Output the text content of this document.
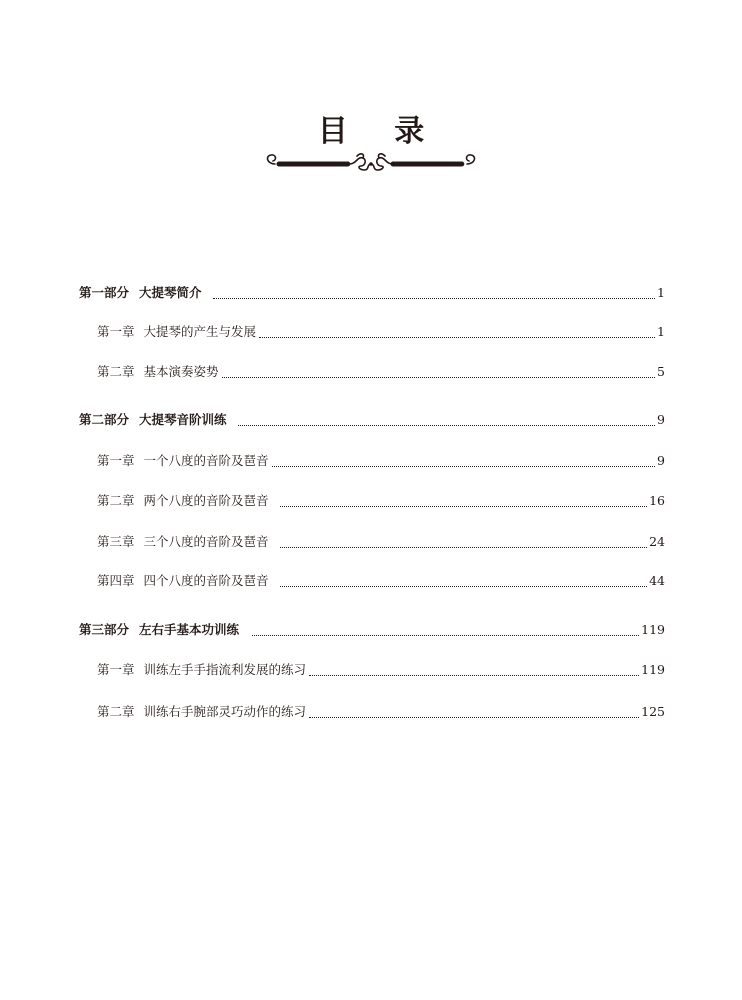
目 录
第一部分 大提琴简介	1
第一章 大提琴的产生与发展	1
第二章 基本演奏姿势	5
第二部分 大提琴音阶训练	9
第一章 一个八度的音阶及琶音	9
第二章 两个八度的音阶及琶音	16
第三章 三个八度的音阶及琶音	24
第四章 四个八度的音阶及琶音	44
第三部分 左右手基本功训练	119
第一章 训练左手手指流利发展的练习	119
第二章 训练右手腕部灵巧动作的练习	125
